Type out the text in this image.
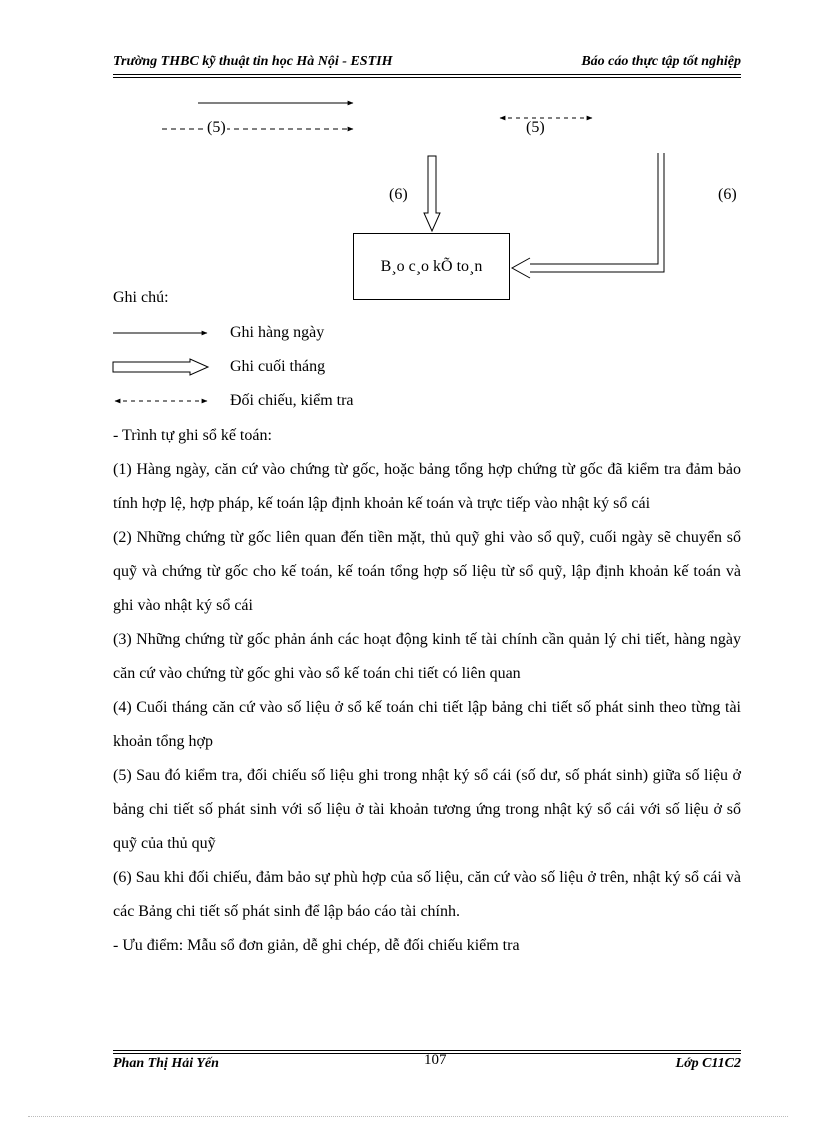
Trường THBC kỹ thuật tin học Hà Nội - ESTIH	Báo cáo thực tập tốt nghiệp
(5)	(5)
(6)	(6)
B¸o c¸o kÕ to¸n
Ghi chú:
Ghi hàng ngày
Ghi cuối tháng
Đối chiếu, kiểm tra

- Trình tự ghi sổ kế toán:

(1) Hàng ngày, căn cứ vào chứng từ gốc, hoặc bảng tổng hợp chứng từ gốc đã kiểm tra đảm bảo tính hợp lệ, hợp pháp, kế toán lập định khoản kế toán và trực tiếp vào nhật ký sổ cái

(2) Những chứng từ gốc liên quan đến tiền mặt, thủ quỹ ghi vào sổ quỹ, cuối ngày sẽ chuyển sổ quỹ và chứng từ gốc cho kế toán, kế toán tổng hợp số liệu từ sổ quỹ, lập định khoản kế toán và ghi vào nhật ký sổ cái

(3) Những chứng từ gốc phản ánh các hoạt động kinh tế tài chính cần quản lý chi tiết, hàng ngày căn cứ vào chứng từ gốc ghi vào sổ kế toán chi tiết có liên quan

(4) Cuối tháng căn cứ vào số liệu ở sổ kế toán chi tiết lập bảng chi tiết số phát sinh theo từng tài khoản tổng hợp

(5) Sau đó kiểm tra, đối chiếu số liệu ghi trong nhật ký sổ cái (số dư, số phát sinh) giữa số liệu ở bảng chi tiết số phát sinh với số liệu ở tài khoản tương ứng trong nhật ký sổ cái với số liệu ở sổ quỹ của thủ quỹ

(6) Sau khi đối chiếu, đảm bảo sự phù hợp của số liệu, căn cứ vào số liệu ở trên, nhật ký sổ cái và các Bảng chi tiết số phát sinh để lập báo cáo tài chính.

- Ưu điểm: Mẫu sổ đơn giản, dễ ghi chép, dễ đối chiếu kiểm tra

Phan Thị Hải Yến	107	Lớp C11C2
